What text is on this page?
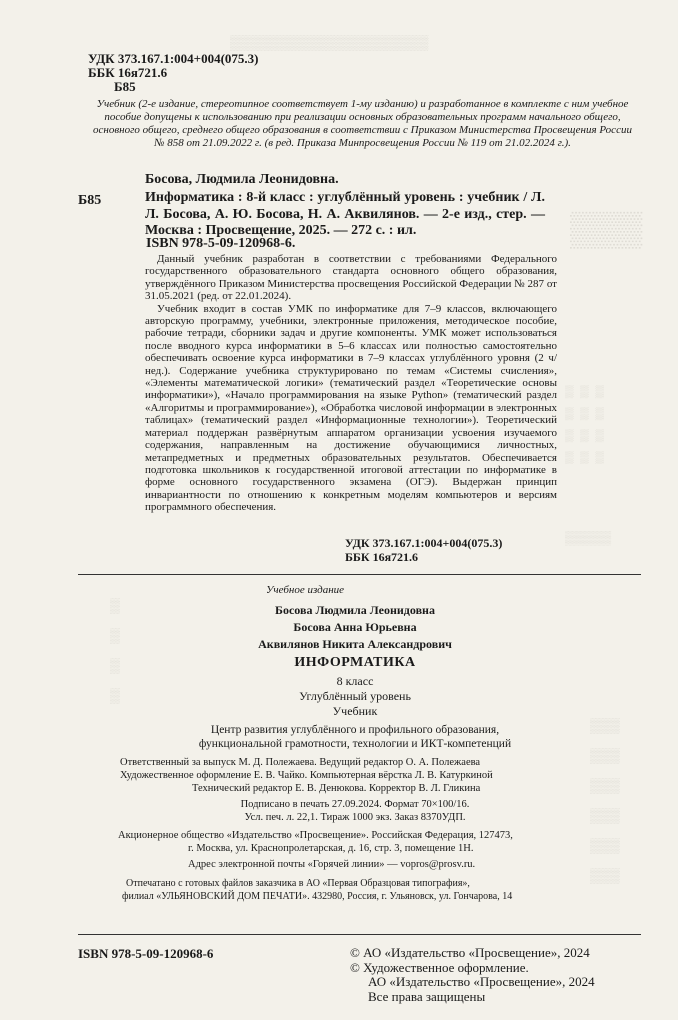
▒▒▒▒▒▒▒▒▒▒▒▒▒▒▒▒▒▒▒▒
▒▒▒
▒  ▒  ▒
▒  ▒  ▒
▒  ▒  ▒
▒  ▒  ▒
▒▒▒▒▒
▒
▒
▒
▒
▒▒▒
▒▒▒
▒▒▒
▒▒▒
▒▒▒
▒▒▒
УДК 373.167.1:004+004(075.3)
ББК 16я721.6
Б85
Учебник (2-е издание, стереотипное соответствует 1-му изданию) и разработанное в комплекте с ним учебное пособие допущены к использованию при реализации основных образовательных программ начального общего, основного общего, среднего общего образования в соответствии с Приказом Министерства Просвещения России № 858 от 21.09.2022 г. (в ред. Приказа Минпросвещения России № 119 от 21.02.2024 г.).
Босова, Людмила Леонидовна.
Б85	Информатика : 8-й класс : углублённый уровень : учебник / Л. Л. Босова, А. Ю. Босова, Н. А. Аквилянов. — 2-е изд., стер. — Москва : Просвещение, 2025. — 272 с. : ил.
ISBN 978-5-09-120968-6.

Данный учебник разработан в соответствии с требованиями Федерального государственного образовательного стандарта основного общего образования, утверждённого Приказом Министерства просвещения Российской Федерации № 287 от 31.05.2021 (ред. от 22.01.2024).

Учебник входит в состав УМК по информатике для 7–9 классов, включающего авторскую программу, учебники, электронные приложения, методическое пособие, рабочие тетради, сборники задач и другие компоненты. УМК может использоваться после вводного курса информатики в 5–6 классах или полностью самостоятельно обеспечивать освоение курса информатики в 7–9 классах углублённого уровня (2 ч/нед.). Содержание учебника структурировано по темам «Системы счисления», «Элементы математической логики» (тематический раздел «Теоретические основы информатики»), «Начало программирования на языке Python» (тематический раздел «Алгоритмы и программирование»), «Обработка числовой информации в электронных таблицах» (тематический раздел «Информационные технологии»). Теоретический материал поддержан развёрнутым аппаратом организации усвоения изучаемого содержания, направленным на достижение обучающимися личностных, метапредметных и предметных образовательных результатов. Обеспечивается подготовка школьников к государственной итоговой аттестации по информатике в форме основного государственного экзамена (ОГЭ). Выдержан принцип инвариантности по отношению к конкретным моделям компьютеров и версиям программного обеспечения.

УДК 373.167.1:004+004(075.3)
ББК 16я721.6
Учебное издание
Босова Людмила Леонидовна
Босова Анна Юрьевна
Аквилянов Никита Александрович
ИНФОРМАТИКА
8 класс
Углублённый уровень
Учебник
Центр развития углублённого и профильного образования,
функциональной грамотности, технологии и ИКТ-компетенций
Ответственный за выпуск М. Д. Полежаева. Ведущий редактор О. А. Полежаева
Художественное оформление Е. В. Чайко. Компьютерная вёрстка Л. В. Катуркиной
Технический редактор Е. В. Денюкова. Корректор В. Л. Гликина
Подписано в печать 27.09.2024. Формат 70×100/16.
Усл. печ. л. 22,1. Тираж 1000 экз. Заказ 8370УДП.
Акционерное общество «Издательство «Просвещение». Российская Федерация, 127473,
г. Москва, ул. Краснопролетарская, д. 16, стр. 3, помещение 1Н.
Адрес электронной почты «Горячей линии» — vopros@prosv.ru.
Отпечатано с готовых файлов заказчика в АО «Первая Образцовая типография»,
филиал «УЛЬЯНОВСКИЙ ДОМ ПЕЧАТИ». 432980, Россия, г. Ульяновск, ул. Гончарова, 14
ISBN 978-5-09-120968-6	© АО «Издательство «Просвещение», 2024
© Художественное оформление.
АО «Издательство «Просвещение», 2024
Все права защищены
